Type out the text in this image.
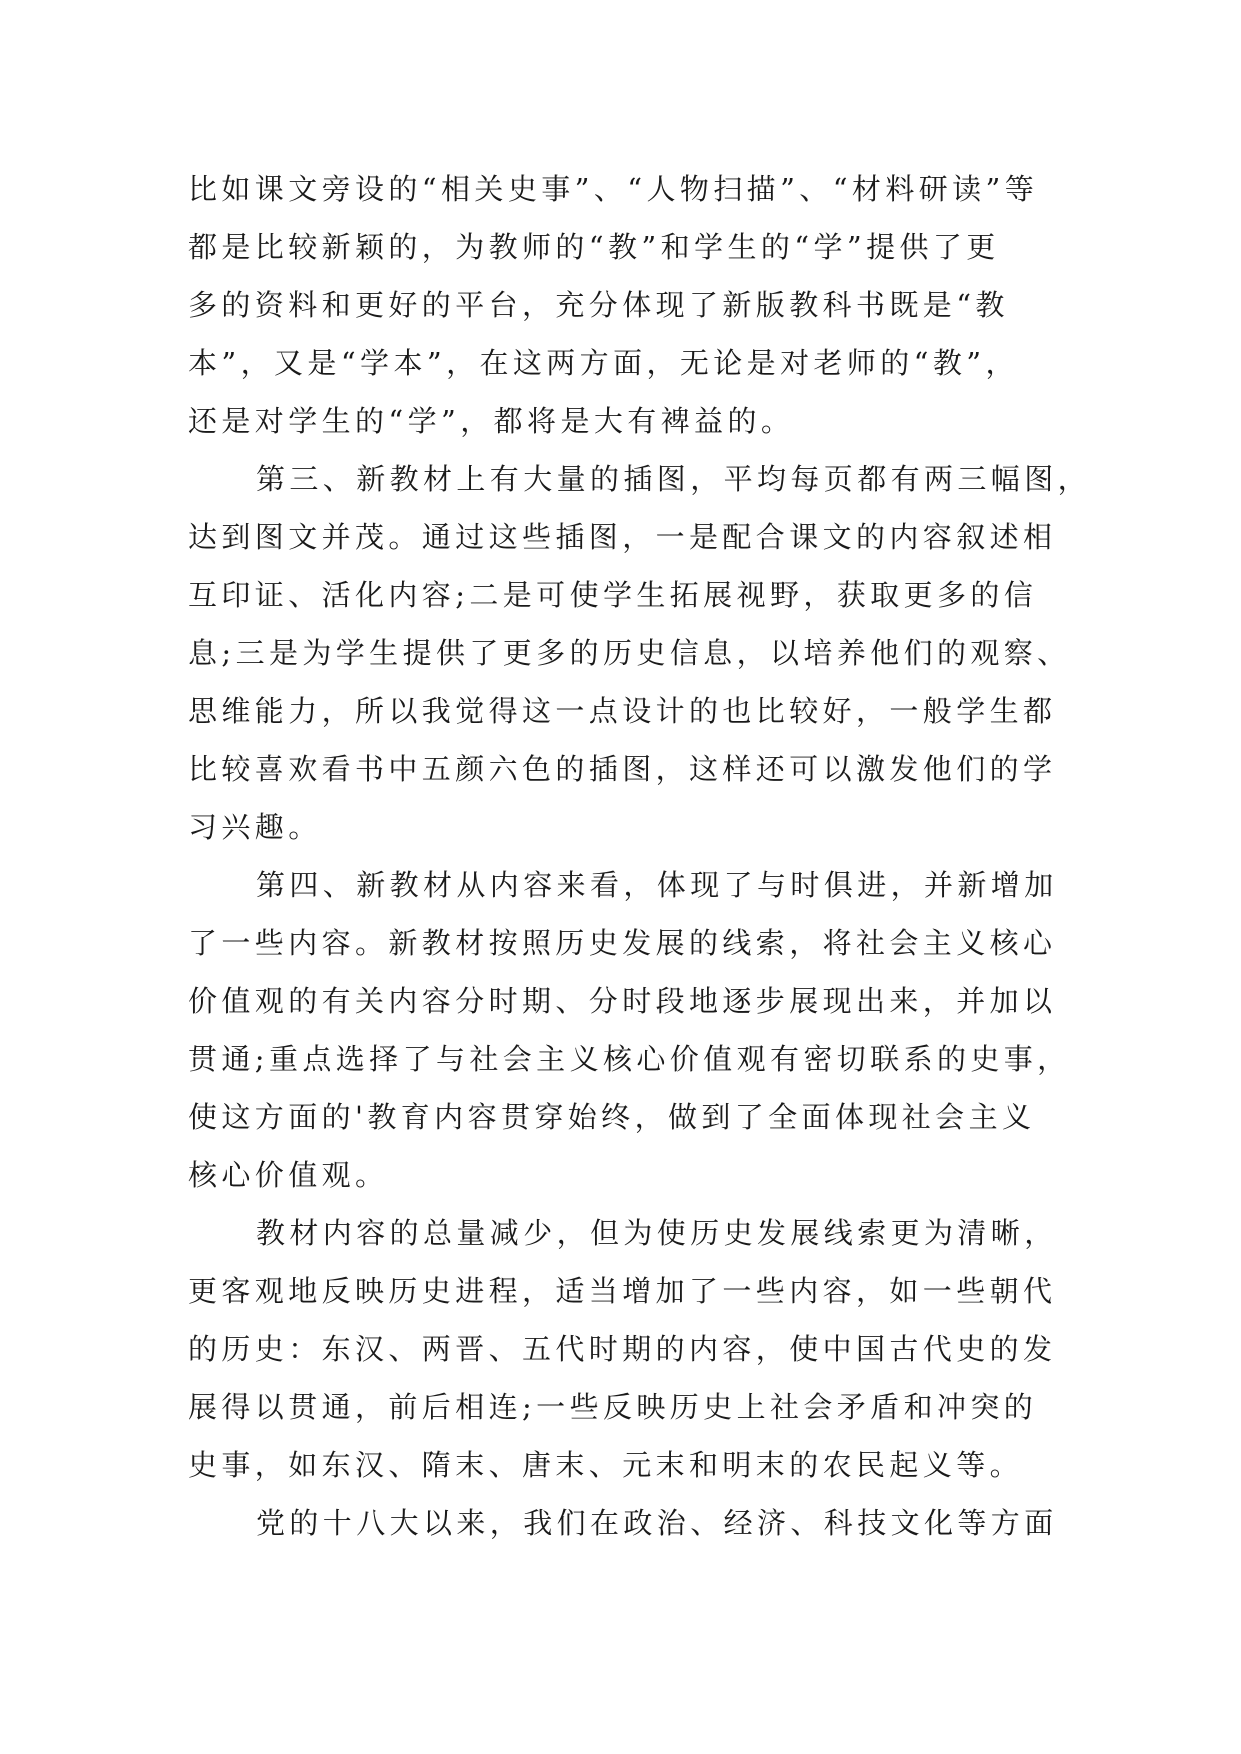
比如课文旁设的“相关史事”、“人物扫描”、“材料研读”等
都是比较新颖的，为教师的“教”和学生的“学”提供了更
多的资料和更好的平台，充分体现了新版教科书既是“教
本”，又是“学本”，在这两方面，无论是对老师的“教”，
还是对学生的“学”，都将是大有裨益的。
第三、新教材上有大量的插图，平均每页都有两三幅图，
达到图文并茂。通过这些插图，一是配合课文的内容叙述相
互印证、活化内容;二是可使学生拓展视野，获取更多的信
息;三是为学生提供了更多的历史信息，以培养他们的观察、
思维能力，所以我觉得这一点设计的也比较好，一般学生都
比较喜欢看书中五颜六色的插图，这样还可以激发他们的学
习兴趣。
第四、新教材从内容来看，体现了与时俱进，并新增加
了一些内容。新教材按照历史发展的线索，将社会主义核心
价值观的有关内容分时期、分时段地逐步展现出来，并加以
贯通;重点选择了与社会主义核心价值观有密切联系的史事，
使这方面的'教育内容贯穿始终，做到了全面体现社会主义
核心价值观。
教材内容的总量减少，但为使历史发展线索更为清晰，
更客观地反映历史进程，适当增加了一些内容，如一些朝代
的历史：东汉、两晋、五代时期的内容，使中国古代史的发
展得以贯通，前后相连;一些反映历史上社会矛盾和冲突的
史事，如东汉、隋末、唐末、元末和明末的农民起义等。
党的十八大以来，我们在政治、经济、科技文化等方面
